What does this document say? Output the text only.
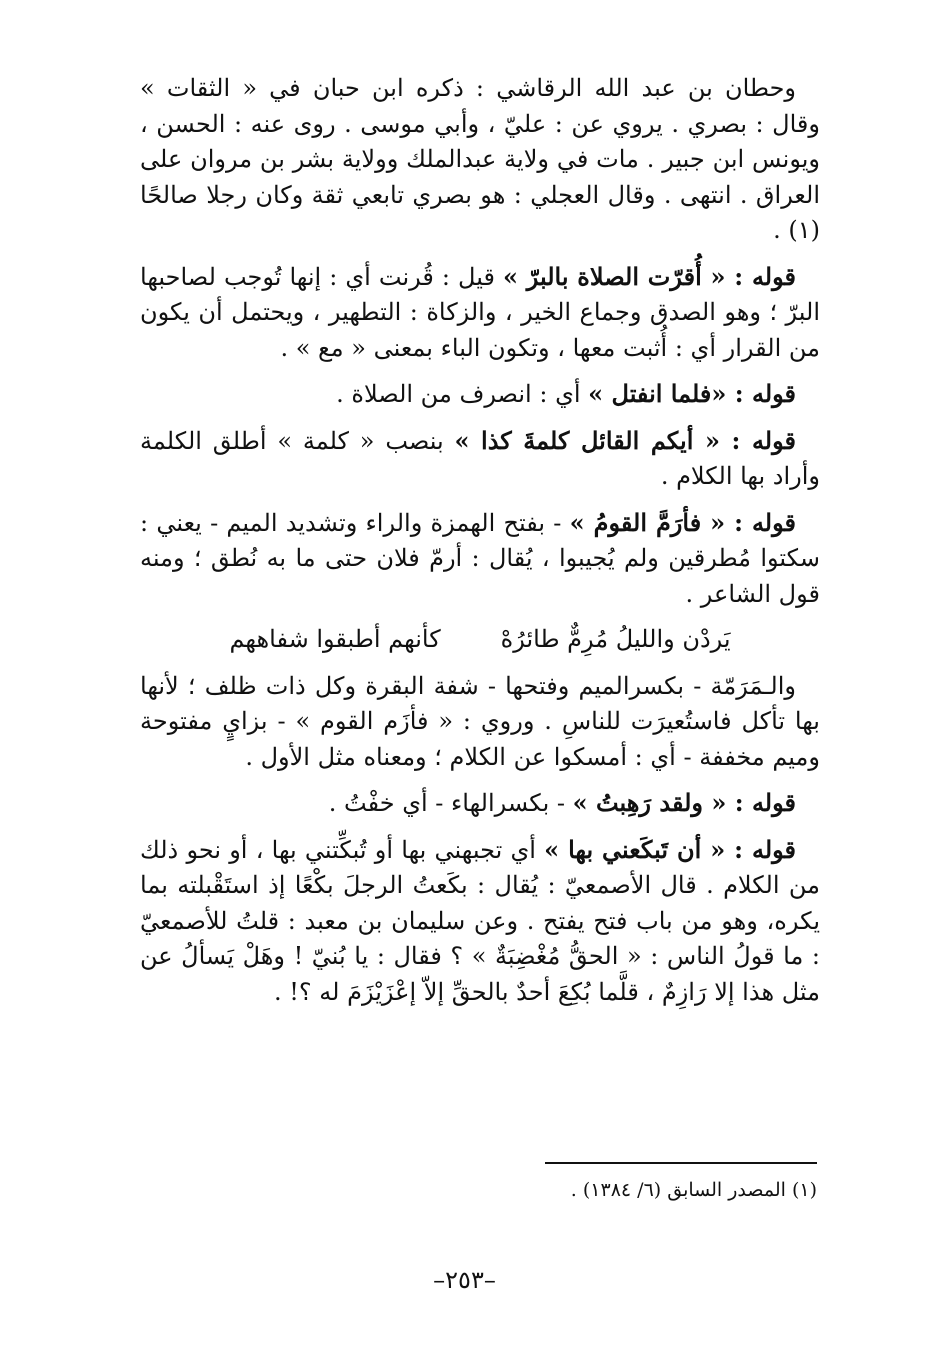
وحطان بن عبد الله الرقاشي : ذكره ابن حبان في « الثقات » وقال : بصري . يروي عن : عليّ ، وأبي موسى . روى عنه : الحسن ، ويونس ابن جبير . مات في ولاية عبدالملك وولاية بشر بن مروان على العراق . انتهى . وقال العجلي : هو بصري تابعي ثقة وكان رجلا صالحًا (١) .

قوله : « أُقرّت الصلاة بالبرّ » قيل : قُرنت أي : إنها تُوجب لصاحبها البرّ ؛ وهو الصدق وجماع الخير ، والزكاة : التطهير ، ويحتمل أن يكون من القرار أي : أُثبت معها ، وتكون الباء بمعنى « مع » .

قوله : «فلما انفتل » أي : انصرف من الصلاة .

قوله : « أيكم القائل كلمةَ كذا » بنصب « كلمة » أطلق الكلمة وأراد بها الكلام .

قوله : « فأرَمَّ القومُ » - بفتح الهمزة والراء وتشديد الميم - يعني : سكتوا مُطرقين ولم يُجيبوا ، يُقال : أرمّ فلان حتى ما به نُطق ؛ ومنه قول الشاعر .

يَردْن والليلُ مُرِمٌّ طائرُهْ
كأنهم أطبقوا شفاههم

والـمَرَمّة - بكسرالميم وفتحها - شفة البقرة وكل ذات ظلف ؛ لأنها بها تأكل فاستُعيرَت للناسِ . وروي : « فأزَم القوم » - بزايٍ مفتوحة وميم مخففة - أي : أمسكوا عن الكلام ؛ ومعناه مثل الأول .

قوله : « ولقد رَهِبتُ » - بكسرالهاء - أي خفْتُ .

قوله : « أن تَبكَعني بها » أي تجبهني بها أو تُبكِّتني بها ، أو نحو ذلك من الكلام . قال الأصمعيّ : يُقال : بكَعتُ الرجلَ بكْعًا إذ استَقْبلته بما يكره، وهو من باب فتح يفتح . وعن سليمان بن معبد : قلتُ للأصمعيّ : ما قولُ الناس : « الحقُّ مُغْضِبَةٌ » ؟ فقال : يا بُنيّ ! وهَلْ يَسألُ عن مثل هذا إلا رَازِمٌ ، قلَّما بُكِعَ أحدٌ بالحقِّ إلاّ إعْزَيْزَمَ له ؟! .

(١) المصدر السابق (٦/ ١٣٨٤) .
–٢٥٣–
